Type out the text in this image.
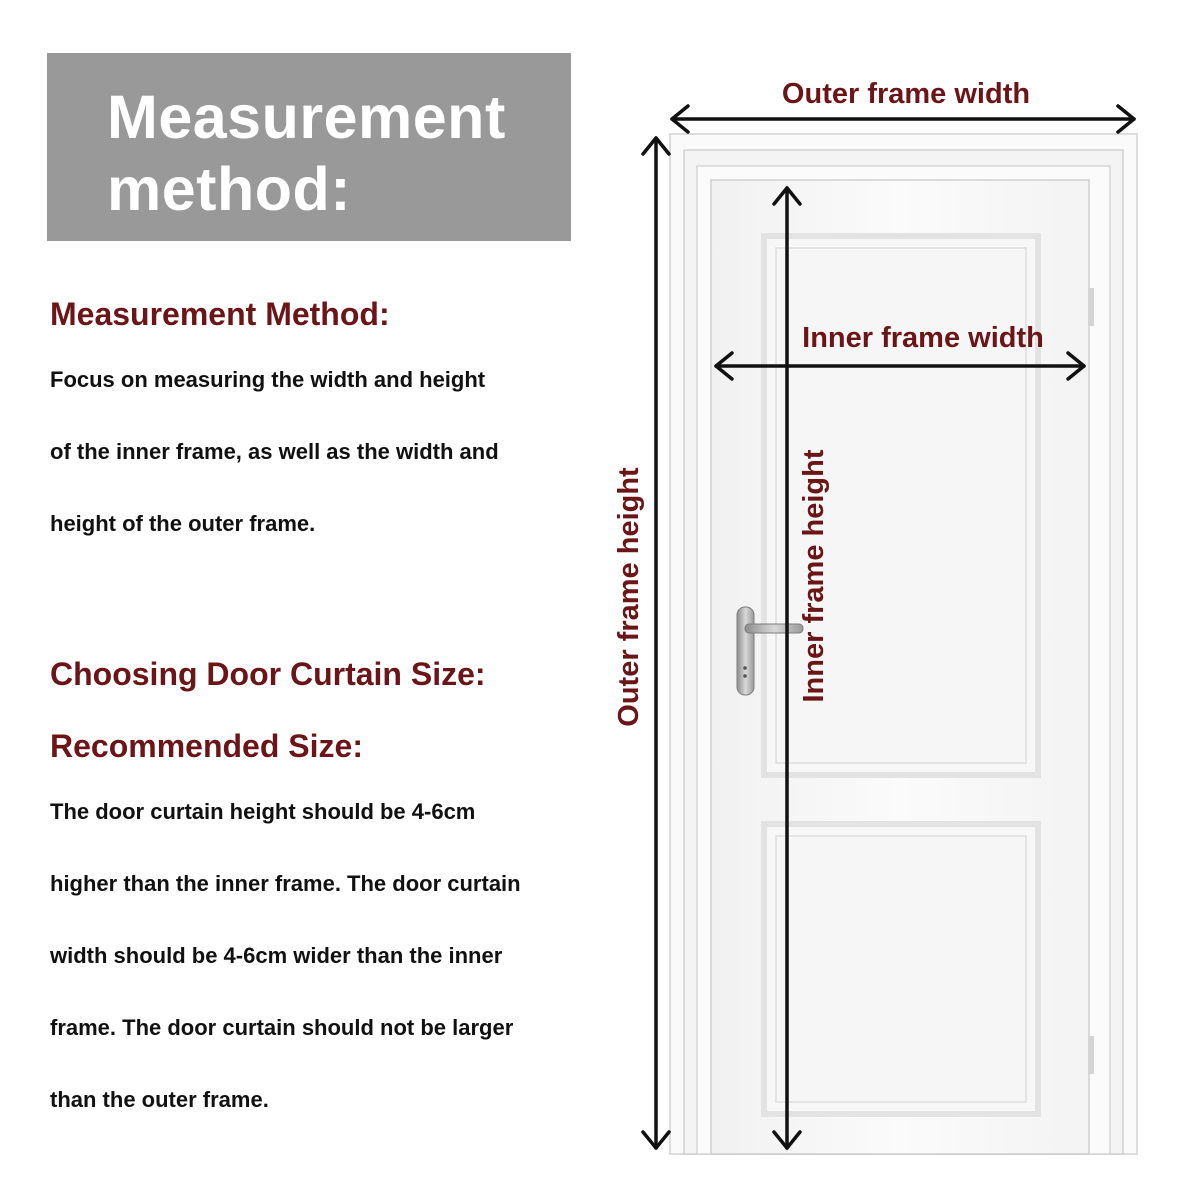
Measurement
method:
Measurement Method:
Focus on measuring the width and height
of the inner frame, as well as the width and
height of the outer frame.
Choosing Door Curtain Size:
Recommended Size:
The door curtain height should be 4-6cm
higher than the inner frame. The door curtain
width should be 4-6cm wider than the inner
frame. The door curtain should not be larger
than the outer frame.
Outer frame width
Inner frame width
Outer frame height	Inner frame height
